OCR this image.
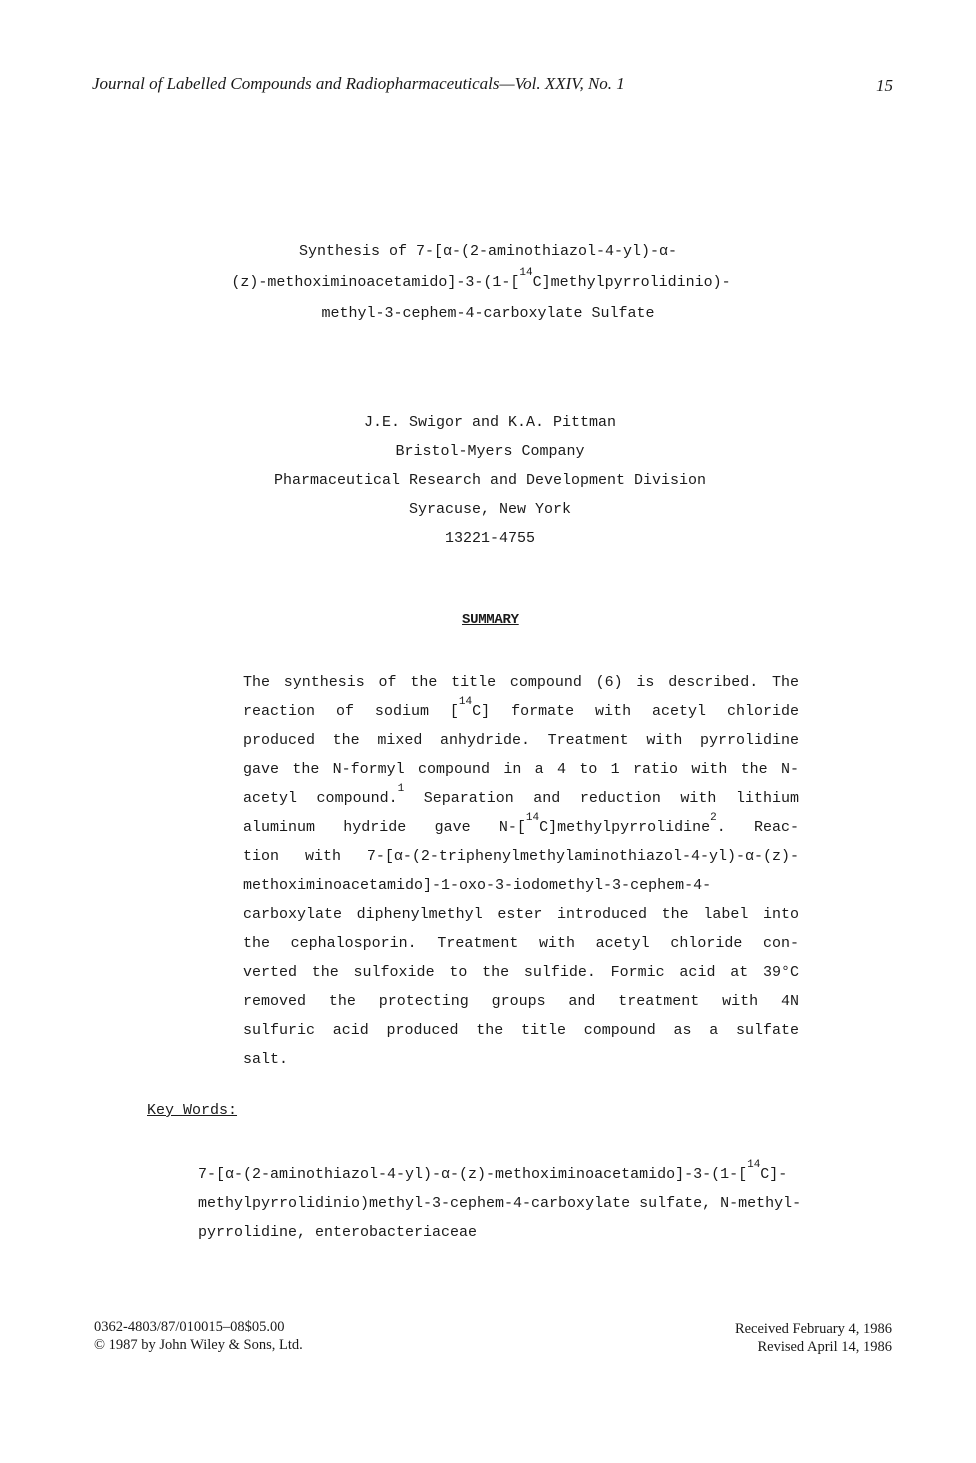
Journal of Labelled Compounds and Radiopharmaceuticals—Vol. XXIV, No. 1	15
Synthesis of 7-[α-(2-aminothiazol-4-yl)-α-
(z)-methoximinoacetamido]-3-(1-[$^{14}$C]methylpyrrolidinio)-
methyl-3-cephem-4-carboxylate Sulfate
J.E. Swigor and K.A. Pittman
Bristol-Myers Company
Pharmaceutical Research and Development Division
Syracuse, New York
13221-4755
SUMMARY
The synthesis of the title compound (6) is described. The
reaction of sodium [$^{14}$C] formate with acetyl chloride
produced the mixed anhydride. Treatment with pyrrolidine
gave the N-formyl compound in a 4 to 1 ratio with the N-
acetyl compound.$^1$ Separation and reduction with lithium
aluminum hydride gave N-[$^{14}$C]methylpyrrolidine$^2$. Reac-
tion with 7-[α-(2-triphenylmethylaminothiazol-4-yl)-α-(z)-
methoximinoacetamido]-1-oxo-3-iodomethyl-3-cephem-4-
carboxylate diphenylmethyl ester introduced the label into
the cephalosporin. Treatment with acetyl chloride con-
verted the sulfoxide to the sulfide. Formic acid at 39°C
removed the protecting groups and treatment with 4N
sulfuric acid produced the title compound as a sulfate
salt.
Key Words:
7-[α-(2-aminothiazol-4-yl)-α-(z)-methoximinoacetamido]-3-(1-[$^{14}$C]-
methylpyrrolidinio)methyl-3-cephem-4-carboxylate sulfate, N-methyl-
pyrrolidine, enterobacteriaceae
0362-4803/87/010015–08$05.00
© 1987 by John Wiley & Sons, Ltd.
Received February 4, 1986
Revised April 14, 1986
